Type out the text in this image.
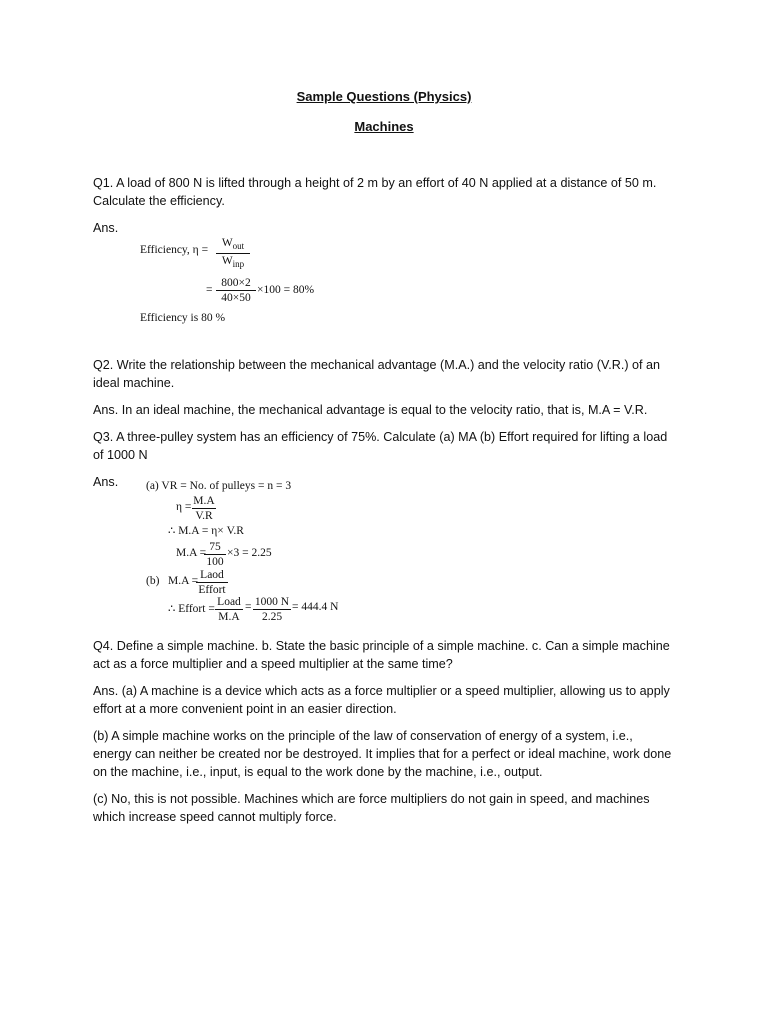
Sample Questions (Physics)

Machines

Q1. A load of 800 N is lifted through a height of 2 m by an effort of 40 N applied at a distance of 50 m. Calculate the efficiency.

Ans.

Efficiency, η =
$W_{out}$
$W_{inp}$
=
800×2
40×50
×100 = 80%
Efficiency is 80 %

Q2. Write the relationship between the mechanical advantage (M.A.) and the velocity ratio (V.R.) of an ideal machine.

Ans. In an ideal machine, the mechanical advantage is equal to the velocity ratio, that is, M.A = V.R.

Q3. A three-pulley system has an efficiency of 75%. Calculate (a) MA (b) Effort required for lifting a load of 1000 N

Ans.	(a) VR = No. of pulleys = n = 3
η = M.A
V.R
∴ M.A = η× V.R
M.A = 75
100
×3 = 2.25
(b) M.A = Laod
Effort
∴ Effort =
Load
M.A
= 1000 N
2.25
= 444.4 N

Q4. Define a simple machine. b. State the basic principle of a simple machine. c. Can a simple machine act as a force multiplier and a speed multiplier at the same time?

Ans. (a) A machine is a device which acts as a force multiplier or a speed multiplier, allowing us to apply effort at a more convenient point in an easier direction.

(b) A simple machine works on the principle of the law of conservation of energy of a system, i.e., energy can neither be created nor be destroyed. It implies that for a perfect or ideal machine, work done on the machine, i.e., input, is equal to the work done by the machine, i.e., output.

(c) No, this is not possible. Machines which are force multipliers do not gain in speed, and machines which increase speed cannot multiply force.
